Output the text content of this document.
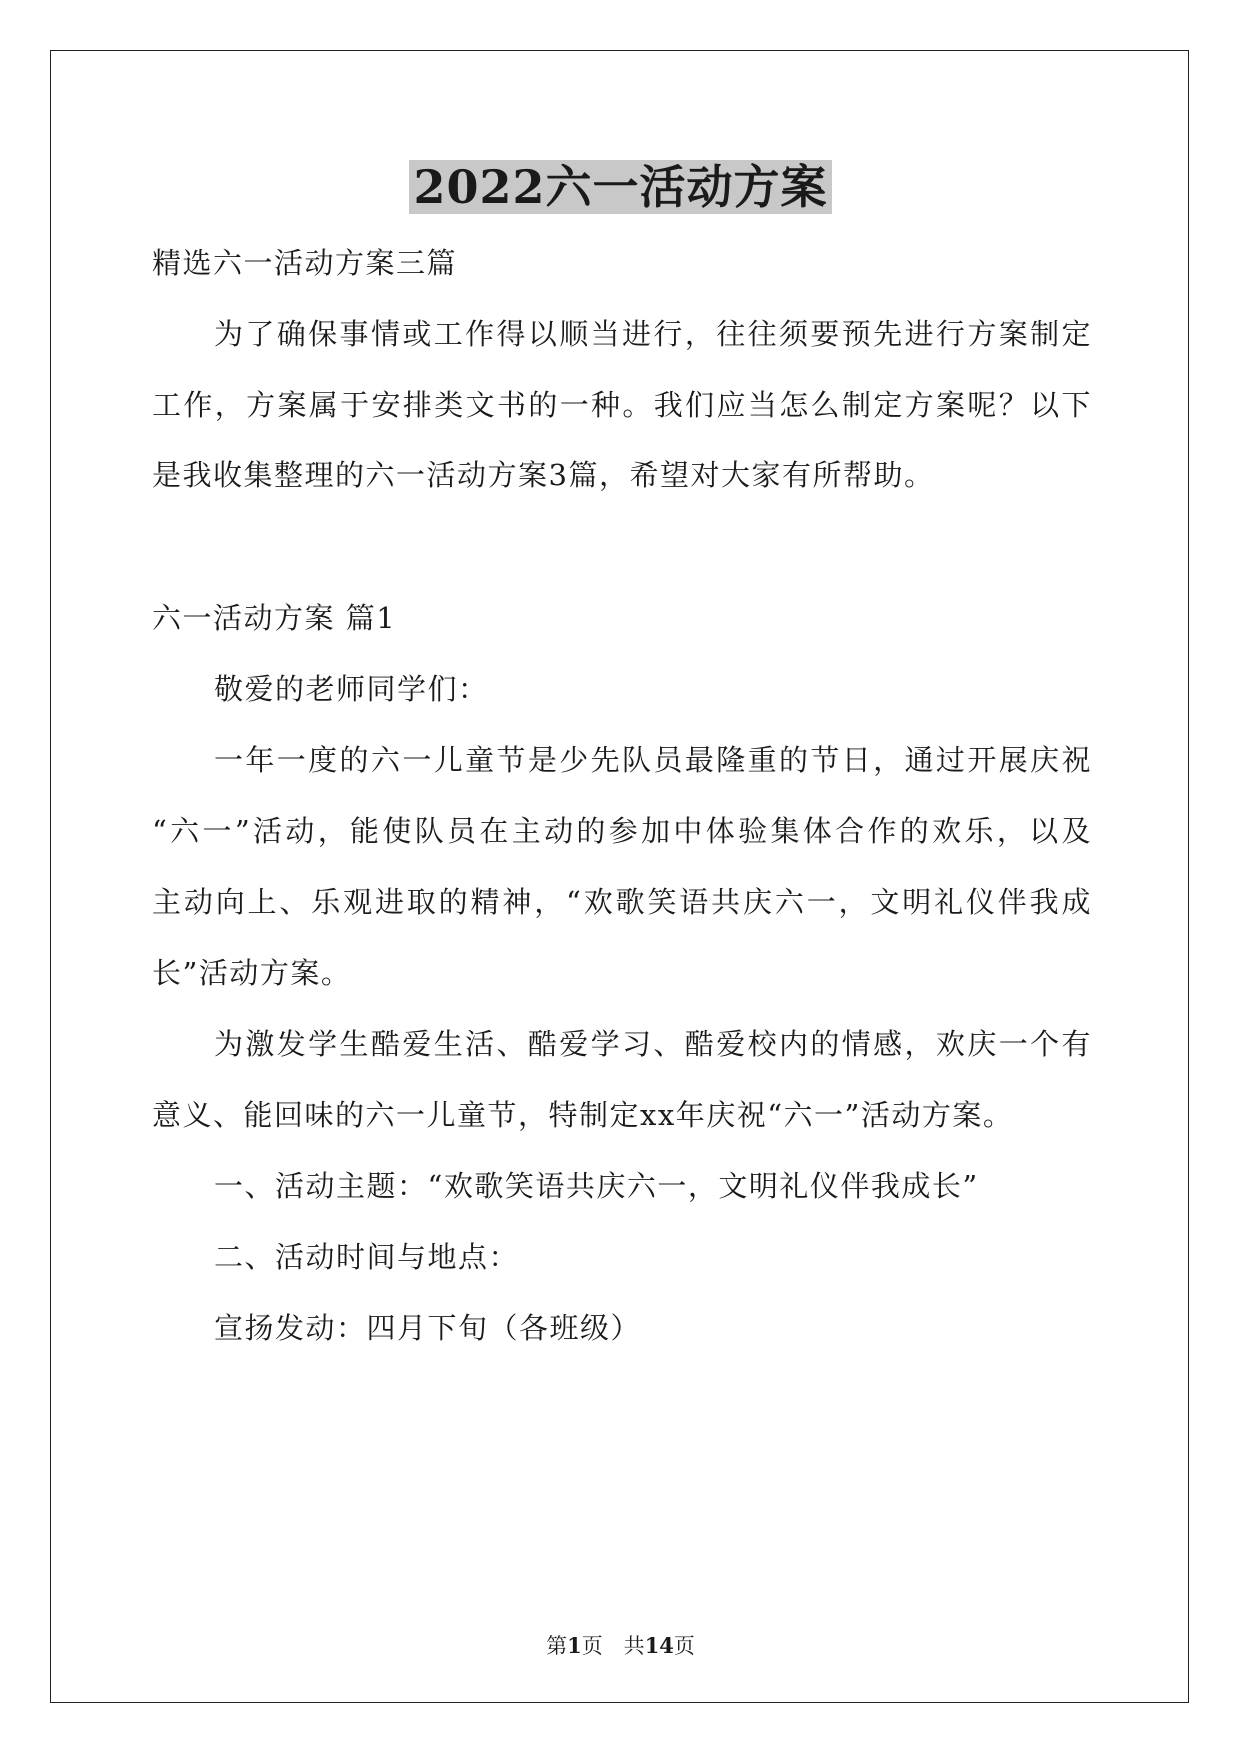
2022六一活动方案
精选六一活动方案三篇
为了确保事情或工作得以顺当进行，往往须要预先进行方案制定
工作，方案属于安排类文书的一种。我们应当怎么制定方案呢？以下
是我收集整理的六一活动方案3篇，希望对大家有所帮助。
六一活动方案 篇1
敬爱的老师同学们：
一年一度的六一儿童节是少先队员最隆重的节日，通过开展庆祝
“六一”活动，能使队员在主动的参加中体验集体合作的欢乐，以及
主动向上、乐观进取的精神，“欢歌笑语共庆六一，文明礼仪伴我成
长”活动方案。
为激发学生酷爱生活、酷爱学习、酷爱校内的情感，欢庆一个有
意义、能回味的六一儿童节，特制定xx年庆祝“六一”活动方案。
一、活动主题：“欢歌笑语共庆六一，文明礼仪伴我成长”
二、活动时间与地点：
宣扬发动：四月下旬（各班级）
第1页　共14页
